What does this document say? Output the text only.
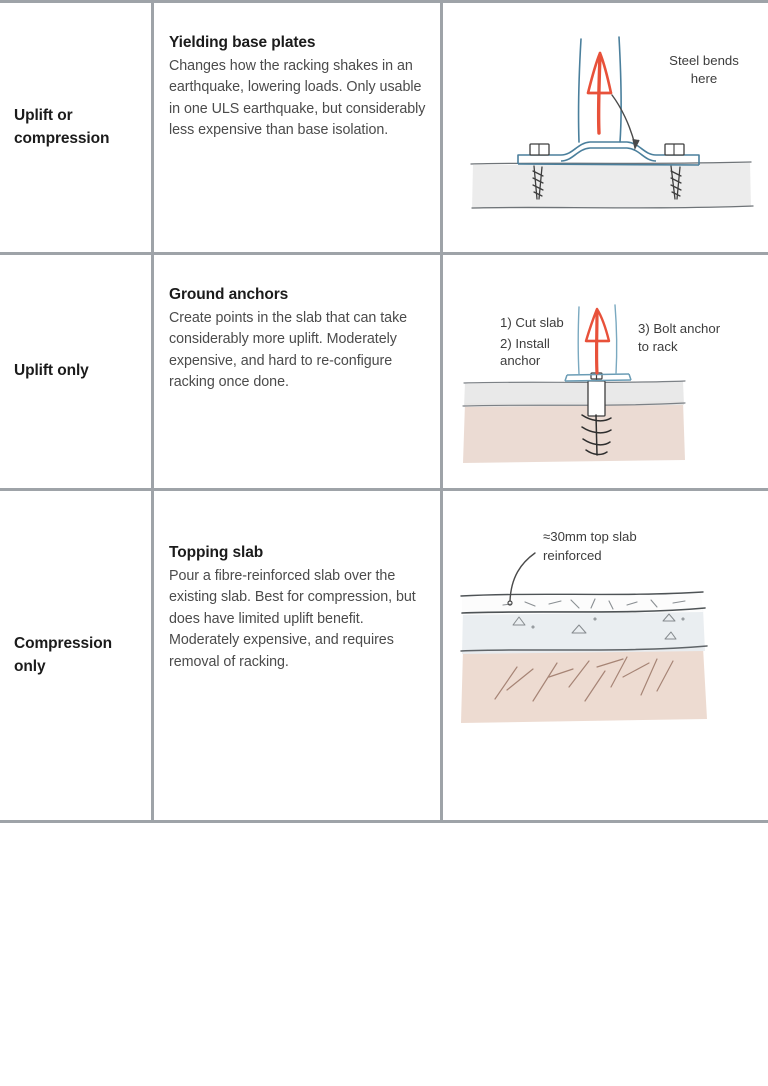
Uplift or compression
Yielding base plates
Changes how the racking shakes in an earthquake, lowering loads. Only usable in one ULS earthquake, but considerably less expensive than base isolation.
Steel bends
here
Uplift only
Ground anchors
Create points in the slab that can take considerably more uplift. Moderately expensive, and hard to re-configure racking once done.
1) Cut slab
2) Install
anchor
3) Bolt anchor
to rack
Compression only
Topping slab
Pour a fibre-reinforced slab over the existing slab. Best for compression, but does have limited uplift benefit. Moderately expensive, and requires removal of racking.
≈30mm top slab
reinforced
